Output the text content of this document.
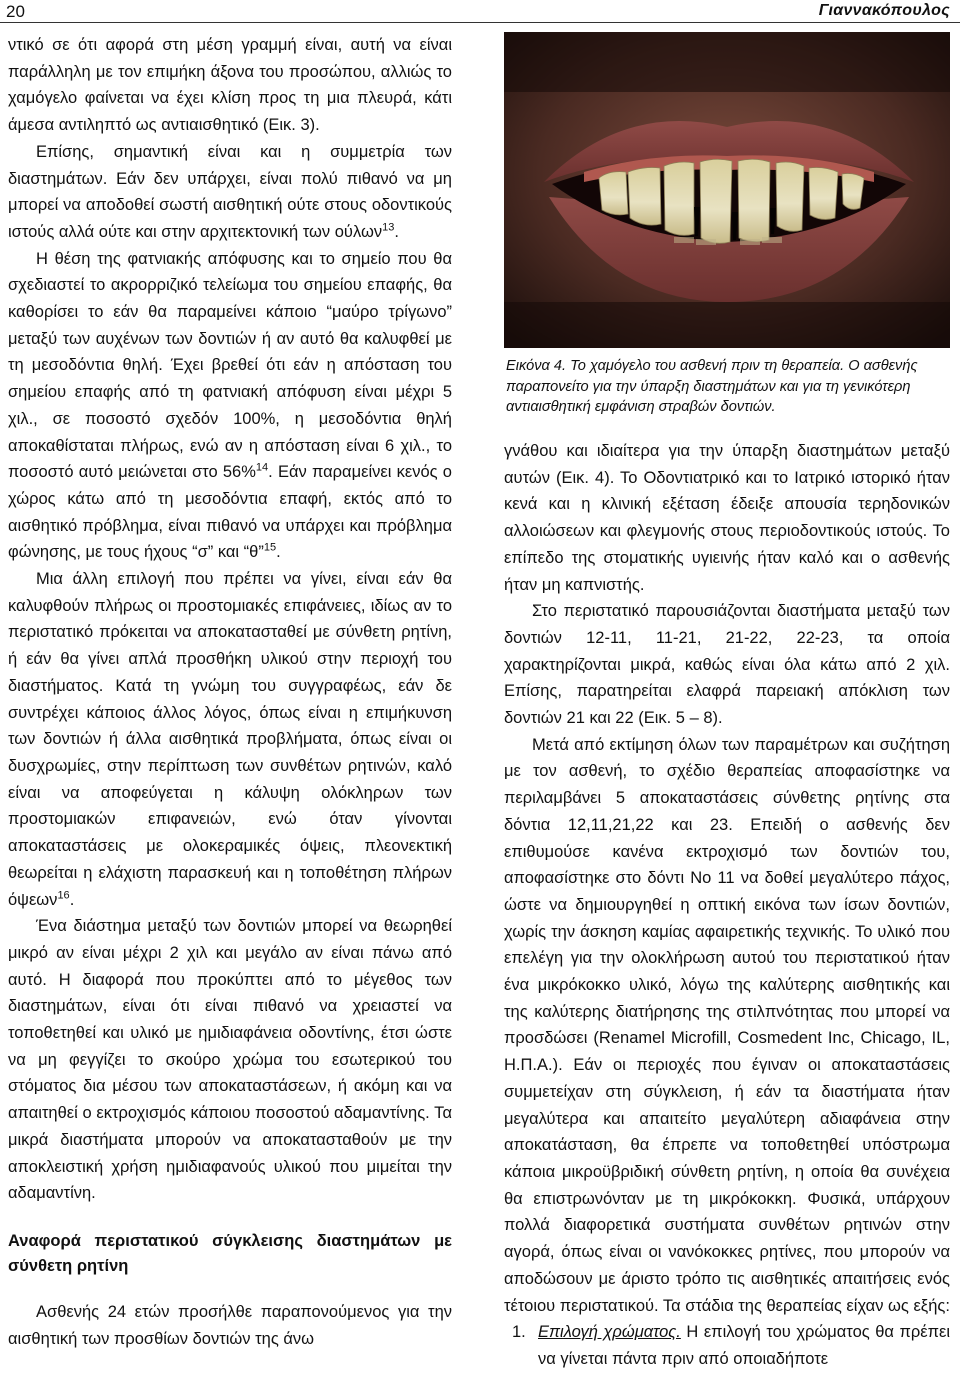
20	Γιαννακόπουλος

ντικό σε ότι αφορά στη μέση γραμμή είναι, αυτή να είναι παράλληλη με τον επιμήκη άξονα του προσώπου, αλλιώς το χαμόγελο φαίνεται να έχει κλίση προς τη μια πλευρά, κάτι άμεσα αντιληπτό ως αντιαισθητικό (Εικ. 3).

Επίσης, σημαντική είναι και η συμμετρία των διαστημάτων. Εάν δεν υπάρχει, είναι πολύ πιθανό να μη μπορεί να αποδοθεί σωστή αισθητική ούτε στους οδοντικούς ιστούς αλλά ούτε και στην αρχιτεκτονική των ούλων$^{13}$.

Η θέση της φατνιακής απόφυσης και το σημείο που θα σχεδιαστεί το ακρορριζικό τελείωμα του σημείου επαφής, θα καθορίσει το εάν θα παραμείνει κάποιο “μαύρο τρίγωνο” μεταξύ των αυχένων των δοντιών ή αν αυτό θα καλυφθεί με τη μεσοδόντια θηλή. Έχει βρεθεί ότι εάν η απόσταση του σημείου επαφής από τη φατνιακή απόφυση είναι μέχρι 5 χιλ., σε ποσοστό σχεδόν 100%, η μεσοδόντια θηλή αποκαθίσταται πλήρως, ενώ αν η απόσταση είναι 6 χιλ., το ποσοστό αυτό μειώνεται στο 56%$^{14}$. Εάν παραμείνει κενός ο χώρος κάτω από τη μεσοδόντια επαφή, εκτός από το αισθητικό πρόβλημα, είναι πιθανό να υπάρχει και πρόβλημα φώνησης, με τους ήχους “σ” και “θ”$^{15}$.

Μια άλλη επιλογή που πρέπει να γίνει, είναι εάν θα καλυφθούν πλήρως οι προστομιακές επιφάνειες, ιδίως αν το περιστατικό πρόκειται να αποκατασταθεί με σύνθετη ρητίνη, ή εάν θα γίνει απλά προσθήκη υλικού στην περιοχή του διαστήματος. Κατά τη γνώμη του συγγραφέως, εάν δε συντρέχει κάποιος άλλος λόγος, όπως είναι η επιμήκυνση των δοντιών ή άλλα αισθητικά προβλήματα, όπως είναι οι δυσχρωμίες, στην περίπτωση των συνθέτων ρητινών, καλό είναι να αποφεύγεται η κάλυψη ολόκληρων των προστομιακών επιφανειών, ενώ όταν γίνονται αποκαταστάσεις με ολοκεραμικές όψεις, πλεονεκτική θεωρείται η ελάχιστη παρασκευή και η τοποθέτηση πλήρων όψεων$^{16}$.

Ένα διάστημα μεταξύ των δοντιών μπορεί να θεωρηθεί μικρό αν είναι μέχρι 2 χιλ και μεγάλο αν είναι πάνω από αυτό. Η διαφορά που προκύπτει από το μέγεθος των διαστημάτων, είναι ότι είναι πιθανό να χρειαστεί να τοποθετηθεί και υλικό με ημιδιαφάνεια οδοντίνης, έτσι ώστε να μη φεγγίζει το σκούρο χρώμα του εσωτερικού του στόματος δια μέσου των αποκαταστάσεων, ή ακόμη και να απαιτηθεί ο εκτροχισμός κάποιου ποσοστού αδαμαντίνης. Τα μικρά διαστήματα μπορούν να αποκατασταθούν με την αποκλειστική χρήση ημιδιαφανούς υλικού που μιμείται την αδαμαντίνη.

Αναφορά περιστατικού σύγκλεισης διαστημάτων με σύνθετη ρητίνη

Ασθενής 24 ετών προσήλθε παραπονούμενος για την αισθητική των προσθίων δοντιών της άνω

Εικόνα 4. Το χαμόγελο του ασθενή πριν τη θεραπεία. Ο ασθενής παραπονείτο για την ύπαρξη διαστημάτων και για τη γενικότερη αντιαισθητική εμφάνιση στραβών δοντιών.

γνάθου και ιδιαίτερα για την ύπαρξη διαστημάτων μεταξύ αυτών (Εικ. 4). Το Οδοντιατρικό και το Ιατρικό ιστορικό ήταν κενά και η κλινική εξέταση έδειξε απουσία τερηδονικών αλλοιώσεων και φλεγμονής στους περιοδοντικούς ιστούς. Το επίπεδο της στοματικής υγιεινής ήταν καλό και ο ασθενής ήταν μη καπνιστής.

Στο περιστατικό παρουσιάζονται διαστήματα μεταξύ των δοντιών 12-11, 11-21, 21-22, 22-23, τα οποία χαρακτηρίζονται μικρά, καθώς είναι όλα κάτω από 2 χιλ. Επίσης, παρατηρείται ελαφρά παρειακή απόκλιση των δοντιών 21 και 22 (Εικ. 5 – 8).

Μετά από εκτίμηση όλων των παραμέτρων και συζήτηση με τον ασθενή, το σχέδιο θεραπείας αποφασίστηκε να περιλαμβάνει 5 αποκαταστάσεις σύνθετης ρητίνης στα δόντια 12,11,21,22 και 23. Επειδή ο ασθενής δεν επιθυμούσε κανένα εκτροχισμό των δοντιών του, αποφασίστηκε στο δόντι Νο 11 να δοθεί μεγαλύτερο πάχος, ώστε να δημιουργηθεί η οπτική εικόνα των ίσων δοντιών, χωρίς την άσκηση καμίας αφαιρετικής τεχνικής. Το υλικό που επελέγη για την ολοκλήρωση αυτού του περιστατικού ήταν ένα μικρόκοκκο υλικό, λόγω της καλύτερης αισθητικής και της καλύτερης διατήρησης της στιλπνότητας που μπορεί να προσδώσει (Renamel Microfill, Cosmedent Inc, Chicago, IL, Η.Π.Α.). Εάν οι περιοχές που έγιναν οι αποκαταστάσεις συμμετείχαν στη σύγκλειση, ή εάν τα διαστήματα ήταν μεγαλύτερα και απαιτείτο μεγαλύτερη αδιαφάνεια στην αποκατάσταση, θα έπρεπε να τοποθετηθεί υπόστρωμα κάποια μικροϋβριδική σύνθετη ρητίνη, η οποία θα συνέχεια θα επιστρωνόνταν με τη μικρόκοκκη. Φυσικά, υπάρχουν πολλά διαφορετικά συστήματα συνθέτων ρητινών στην αγορά, όπως είναι οι νανόκοκκες ρητίνες, που μπορούν να αποδώσουν με άριστο τρόπο τις αισθητικές απαιτήσεις ενός τέτοιου περιστατικού. Τα στάδια της θεραπείας είχαν ως εξής:

1. Επιλογή χρώματος. Η επιλογή του χρώματος θα πρέπει να γίνεται πάντα πριν από οποιαδήποτε
